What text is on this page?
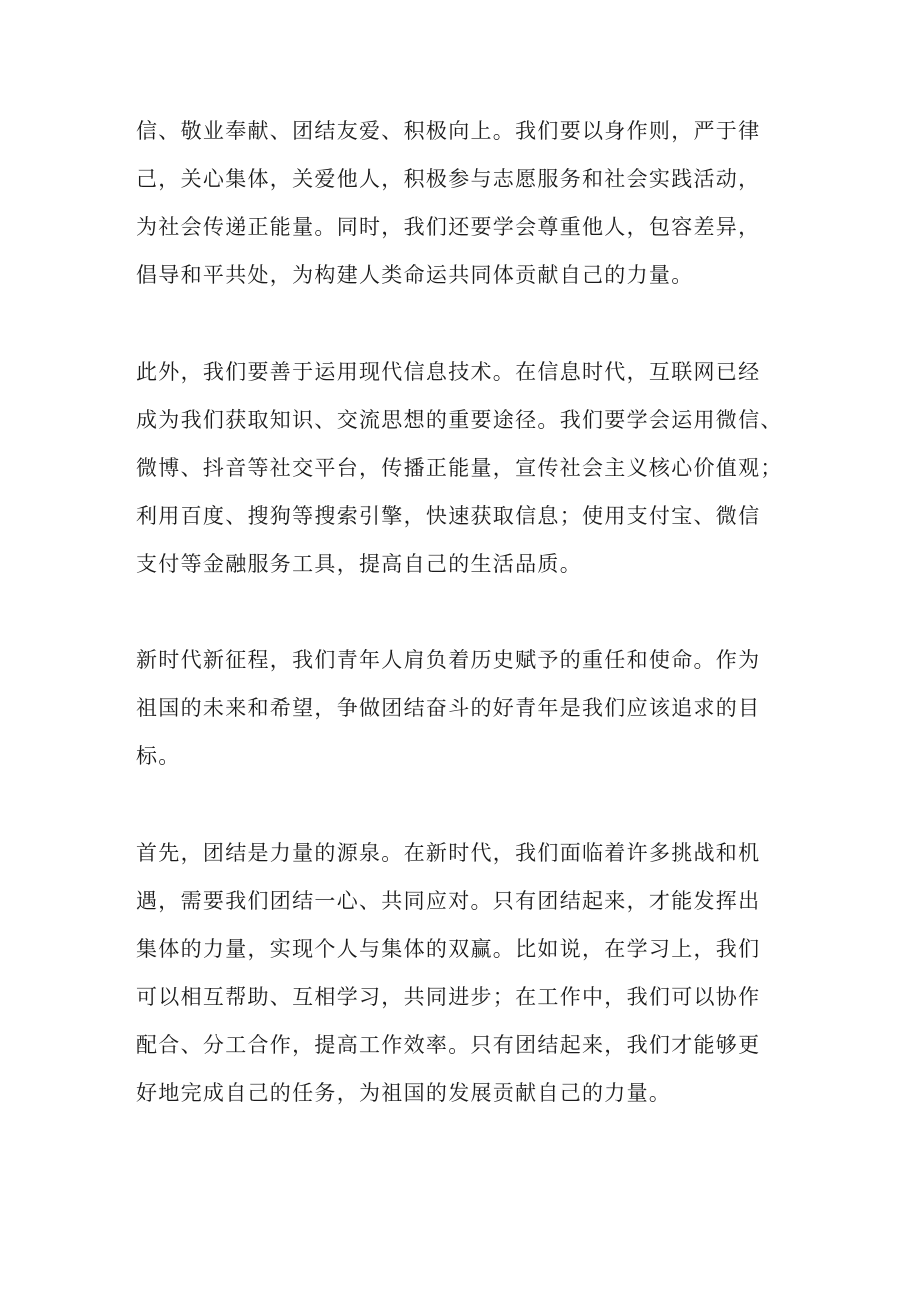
信、敬业奉献、团结友爱、积极向上。我们要以身作则，严于律
己，关心集体，关爱他人，积极参与志愿服务和社会实践活动，
为社会传递正能量。同时，我们还要学会尊重他人，包容差异，
倡导和平共处，为构建人类命运共同体贡献自己的力量。
此外，我们要善于运用现代信息技术。在信息时代，互联网已经
成为我们获取知识、交流思想的重要途径。我们要学会运用微信、
微博、抖音等社交平台，传播正能量，宣传社会主义核心价值观；
利用百度、搜狗等搜索引擎，快速获取信息；使用支付宝、微信
支付等金融服务工具，提高自己的生活品质。
新时代新征程，我们青年人肩负着历史赋予的重任和使命。作为
祖国的未来和希望，争做团结奋斗的好青年是我们应该追求的目
标。
首先，团结是力量的源泉。在新时代，我们面临着许多挑战和机
遇，需要我们团结一心、共同应对。只有团结起来，才能发挥出
集体的力量，实现个人与集体的双赢。比如说，在学习上，我们
可以相互帮助、互相学习，共同进步；在工作中，我们可以协作
配合、分工合作，提高工作效率。只有团结起来，我们才能够更
好地完成自己的任务，为祖国的发展贡献自己的力量。
